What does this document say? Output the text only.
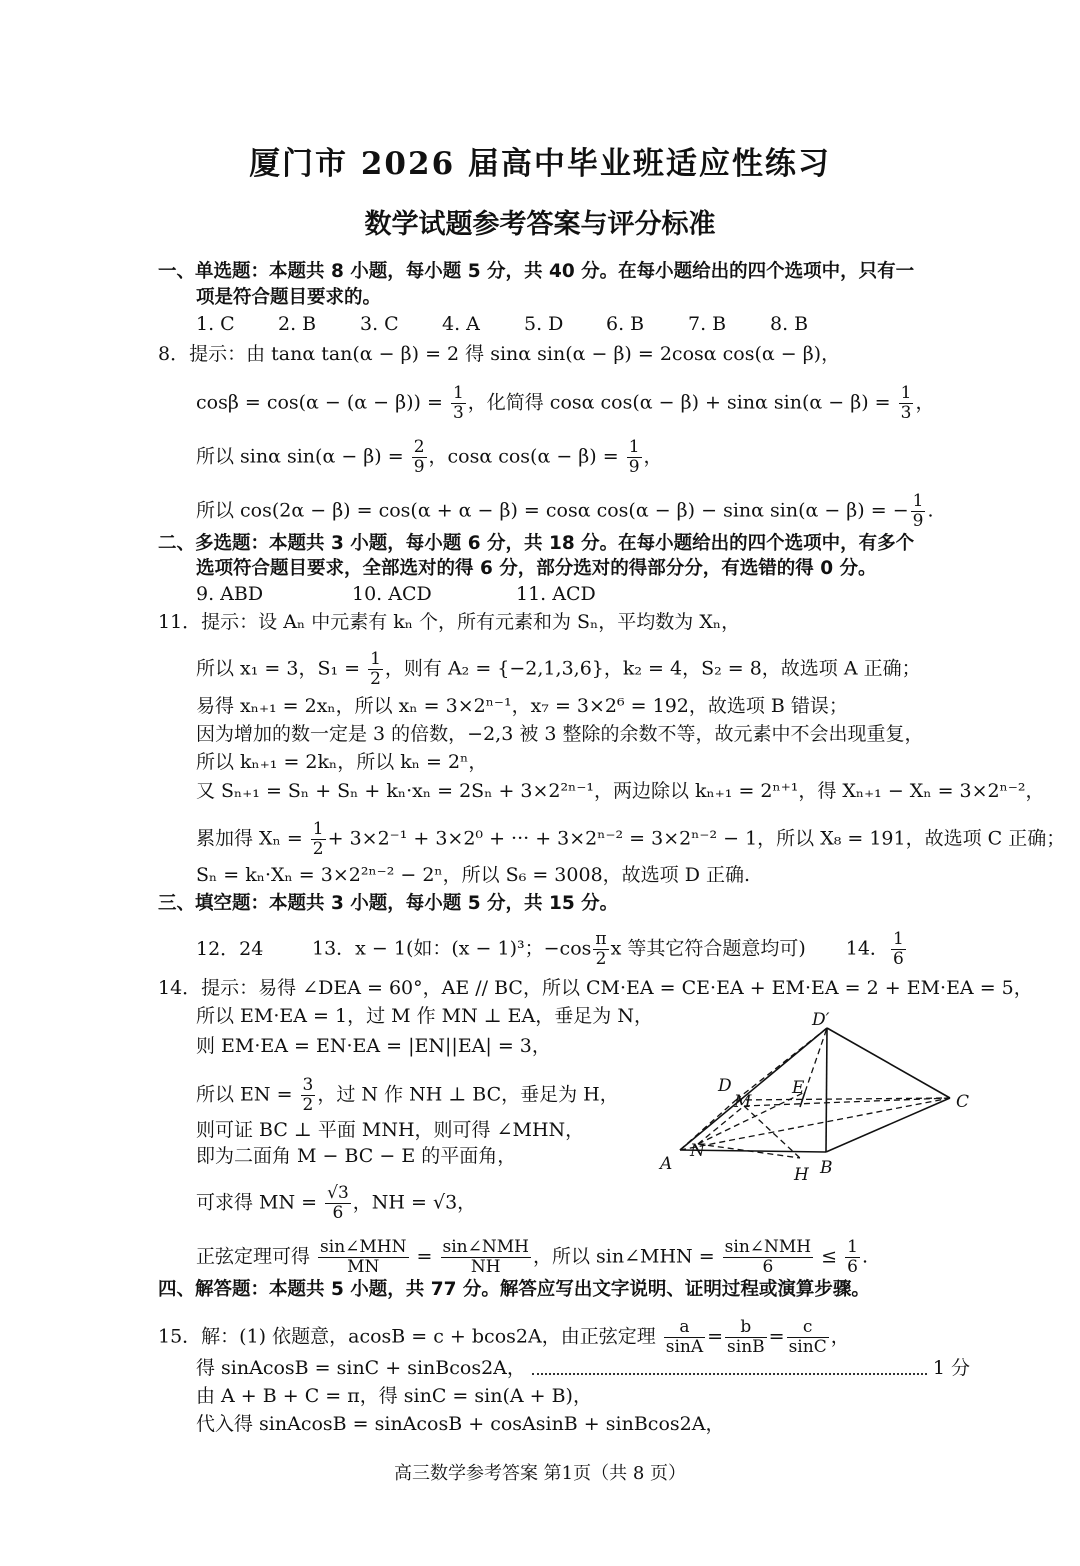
厦门市 2026 届高中毕业班适应性练习
数学试题参考答案与评分标准
一、单选题：本题共 8 小题，每小题 5 分，共 40 分。在每小题给出的四个选项中，只有一
项是符合题目要求的。
1. C 2. B 3. C 4. A 5. D 6. B 7. B 8. B
8．提示：由 tanα tan(α − β) = 2 得 sinα sin(α − β) = 2cosα cos(α − β)，
$\cos\beta = \cos(\alpha - (\alpha - \beta)) = \frac{1}{3}$ ，化简得 cosα cos(α − β) + sinα $\sin(\alpha - \beta) = \frac{1}{3}$ ，
所以 sinα $\sin(\alpha - \beta) = \frac{2}{9}$ ，cosα $\cos(\alpha - \beta) = \frac{1}{9}$ ，
所以 cos(2α − β) = cos(α + α − β) = cosα cos(α − β) − sinα sin(α − β) = − $\frac{1}{9}$ .
二、多选题：本题共 3 小题，每小题 6 分，共 18 分。在每小题给出的四个选项中，有多个
选项符合题目要求，全部选对的得 6 分，部分选对的得部分分，有选错的得 0 分。
9. ABD	10. ACD	11. ACD
11．提示：设 Aₙ 中元素有 kₙ 个，所有元素和为 Sₙ，平均数为 Xₙ，
所以 x₁ = 3，$S_1 = \frac{1}{2}$ ，则有 A₂ = {−2,1,3,6}，k₂ = 4，S₂ = 8，故选项 A 正确；
易得 xₙ₊₁ = 2xₙ，所以 xₙ = 3×2ⁿ⁻¹，x₇ = 3×2⁶ = 192，故选项 B 错误；
因为增加的数一定是 3 的倍数，−2,3 被 3 整除的余数不等，故元素中不会出现重复，
所以 kₙ₊₁ = 2kₙ，所以 kₙ = 2ⁿ，
又 Sₙ₊₁ = Sₙ + Sₙ + kₙ·xₙ = 2Sₙ + 3×2²ⁿ⁻¹，两边除以 kₙ₊₁ = 2ⁿ⁺¹，得 Xₙ₊₁ − Xₙ = 3×2ⁿ⁻²，
累加得 $X_n = \frac{1}{2} + 3\times 2^{-1} + 3\times 2^0$ + ··· + 3×2ⁿ⁻² = 3×2ⁿ⁻² − 1，所以 X₈ = 191，故选项 C 正确；
Sₙ = kₙ·Xₙ = 3×2²ⁿ⁻² − 2ⁿ，所以 S₆ = 3008，故选项 D 正确.
三、填空题：本题共 3 小题，每小题 5 分，共 15 分。
12．24	13．x − 1(如：(x − 1)³；$-\cos \frac{\pi}{2}$ x 等其它符合题意均可) 14． $\frac{1}{6}$
14．提示：易得 ∠DEA = 60°，AE // BC，所以 CM·EA = CE·EA + EM·EA = 2 + EM·EA = 5，
所以 EM·EA = 1，过 M 作 MN ⊥ EA，垂足为 N，
则 EM·EA = EN·EA = |EN||EA| = 3，
所以 EN = $\frac{3}{2}$ ，过 N 作 NH ⊥ BC，垂足为 H，
则可证 BC ⊥ 平面 MNH，则可得 ∠MHN，
即为二面角 M − BC − E 的平面角，
可求得 MN = $\frac{√3}{6}$ ，NH = √3，
正弦定理可得 $\frac{\text{sin∠MHN}}{MN} = \frac{\text{sin∠NMH}}{NH}$ ，所以 sin∠MHN = $\frac{\text{sin∠NMH}}{6} \le \frac{1}{6}$ .
D′
D
M
E
C
A
N
H B
四、解答题：本题共 5 小题，共 77 分。解答应写出文字说明、证明过程或演算步骤。
15．解：(1) 依题意，acosB = c + bcos2A，由正弦定理 $\frac{a}{\sin A} = \frac{b}{\sin B} = \frac{c}{\sin C}$ ，
得 sinAcosB = sinC + sinBcos2A，	1 分
由 A + B + C = π，得 sinC = sin(A + B)，
代入得 sinAcosB = sinAcosB + cosAsinB + sinBcos2A，
高三数学参考答案 第1页（共 8 页）
